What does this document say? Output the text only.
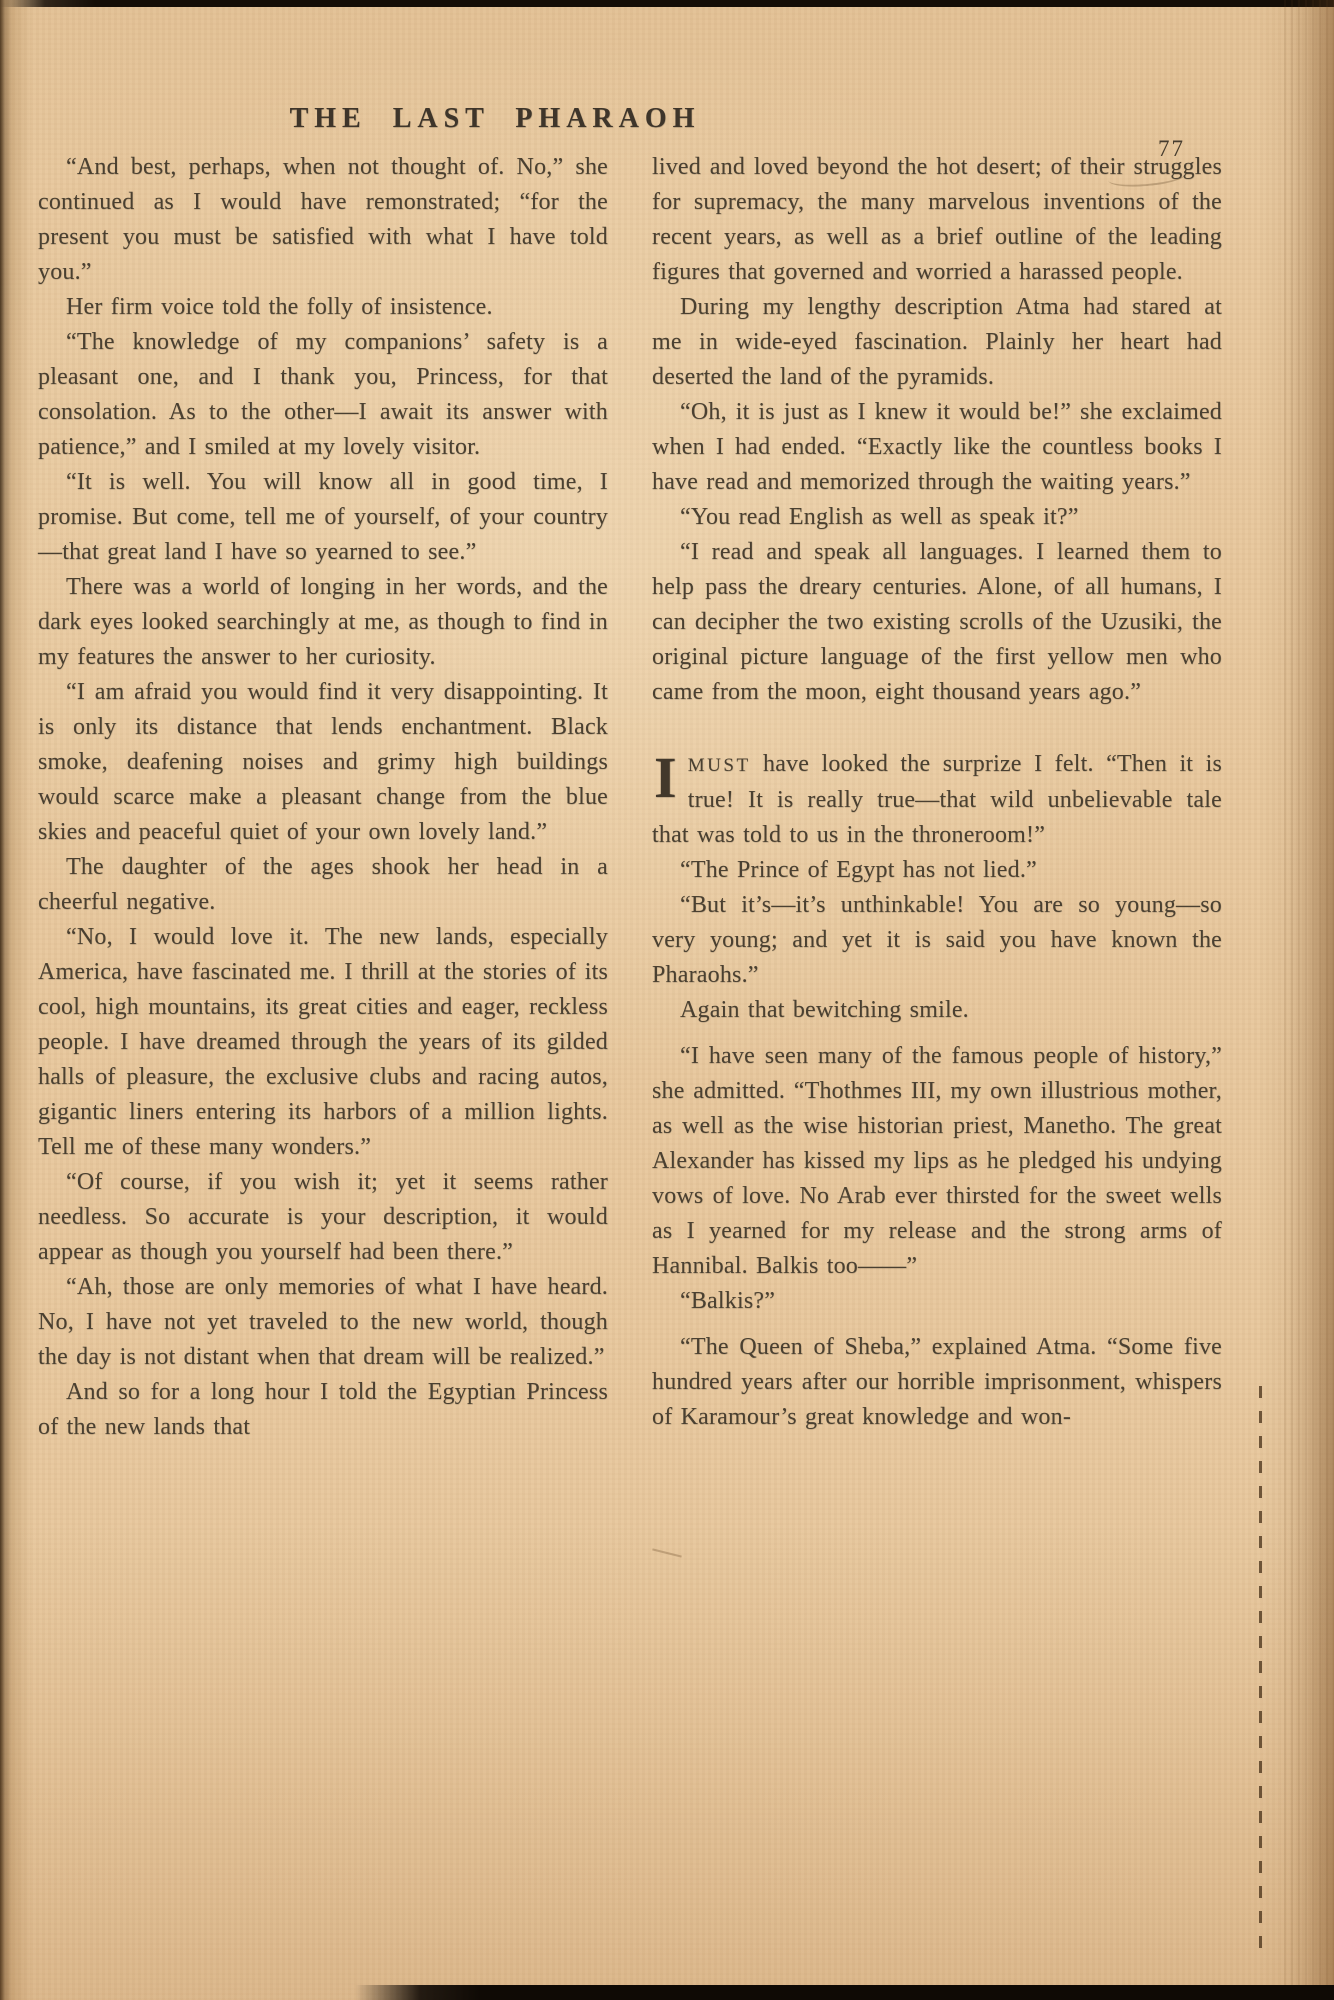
THE LAST PHARAOH
77

“And best, perhaps, when not thought of. No,” she continued as I would have remonstrated; “for the present you must be satisfied with what I have told you.”

Her firm voice told the folly of insistence.

“The knowledge of my companions’ safety is a pleasant one, and I thank you, Princess, for that consolation. As to the other—I await its answer with patience,” and I smiled at my lovely visitor.

“It is well. You will know all in good time, I promise. But come, tell me of yourself, of your country—that great land I have so yearned to see.”

There was a world of longing in her words, and the dark eyes looked searchingly at me, as though to find in my features the answer to her curiosity.

“I am afraid you would find it very disappointing. It is only its distance that lends enchantment. Black smoke, deafening noises and grimy high buildings would scarce make a pleasant change from the blue skies and peaceful quiet of your own lovely land.”

The daughter of the ages shook her head in a cheerful negative.

“No, I would love it. The new lands, especially America, have fascinated me. I thrill at the stories of its cool, high mountains, its great cities and eager, reckless people. I have dreamed through the years of its gilded halls of pleasure, the exclusive clubs and racing autos, gigantic liners entering its harbors of a million lights. Tell me of these many wonders.”

“Of course, if you wish it; yet it seems rather needless. So accurate is your description, it would appear as though you yourself had been there.”

“Ah, those are only memories of what I have heard. No, I have not yet traveled to the new world, though the day is not distant when that dream will be realized.”

And so for a long hour I told the Egyptian Princess of the new lands that

lived and loved beyond the hot desert; of their struggles for supremacy, the many marvelous inventions of the recent years, as well as a brief outline of the leading figures that governed and worried a harassed people.

During my lengthy description Atma had stared at me in wide-eyed fascination. Plainly her heart had deserted the land of the pyramids.

“Oh, it is just as I knew it would be!” she exclaimed when I had ended. “Exactly like the countless books I have read and memorized through the waiting years.”

“You read English as well as speak it?”

“I read and speak all languages. I learned them to help pass the dreary centuries. Alone, of all humans, I can decipher the two existing scrolls of the Uzusiki, the original picture language of the first yellow men who came from the moon, eight thousand years ago.”

IMUST have looked the surprize I felt. “Then it is true! It is really true—that wild unbelievable tale that was told to us in the throneroom!”

“The Prince of Egypt has not lied.”

“But it’s—it’s unthinkable! You are so young—so very young; and yet it is said you have known the Pharaohs.”

Again that bewitching smile.

“I have seen many of the famous people of history,” she admitted. “Thothmes III, my own illustrious mother, as well as the wise historian priest, Manetho. The great Alexander has kissed my lips as he pledged his undying vows of love. No Arab ever thirsted for the sweet wells as I yearned for my release and the strong arms of Hannibal. Balkis too——”

“Balkis?”

“The Queen of Sheba,” explained Atma. “Some five hundred years after our horrible imprisonment, whispers of Karamour’s great knowledge and won-
